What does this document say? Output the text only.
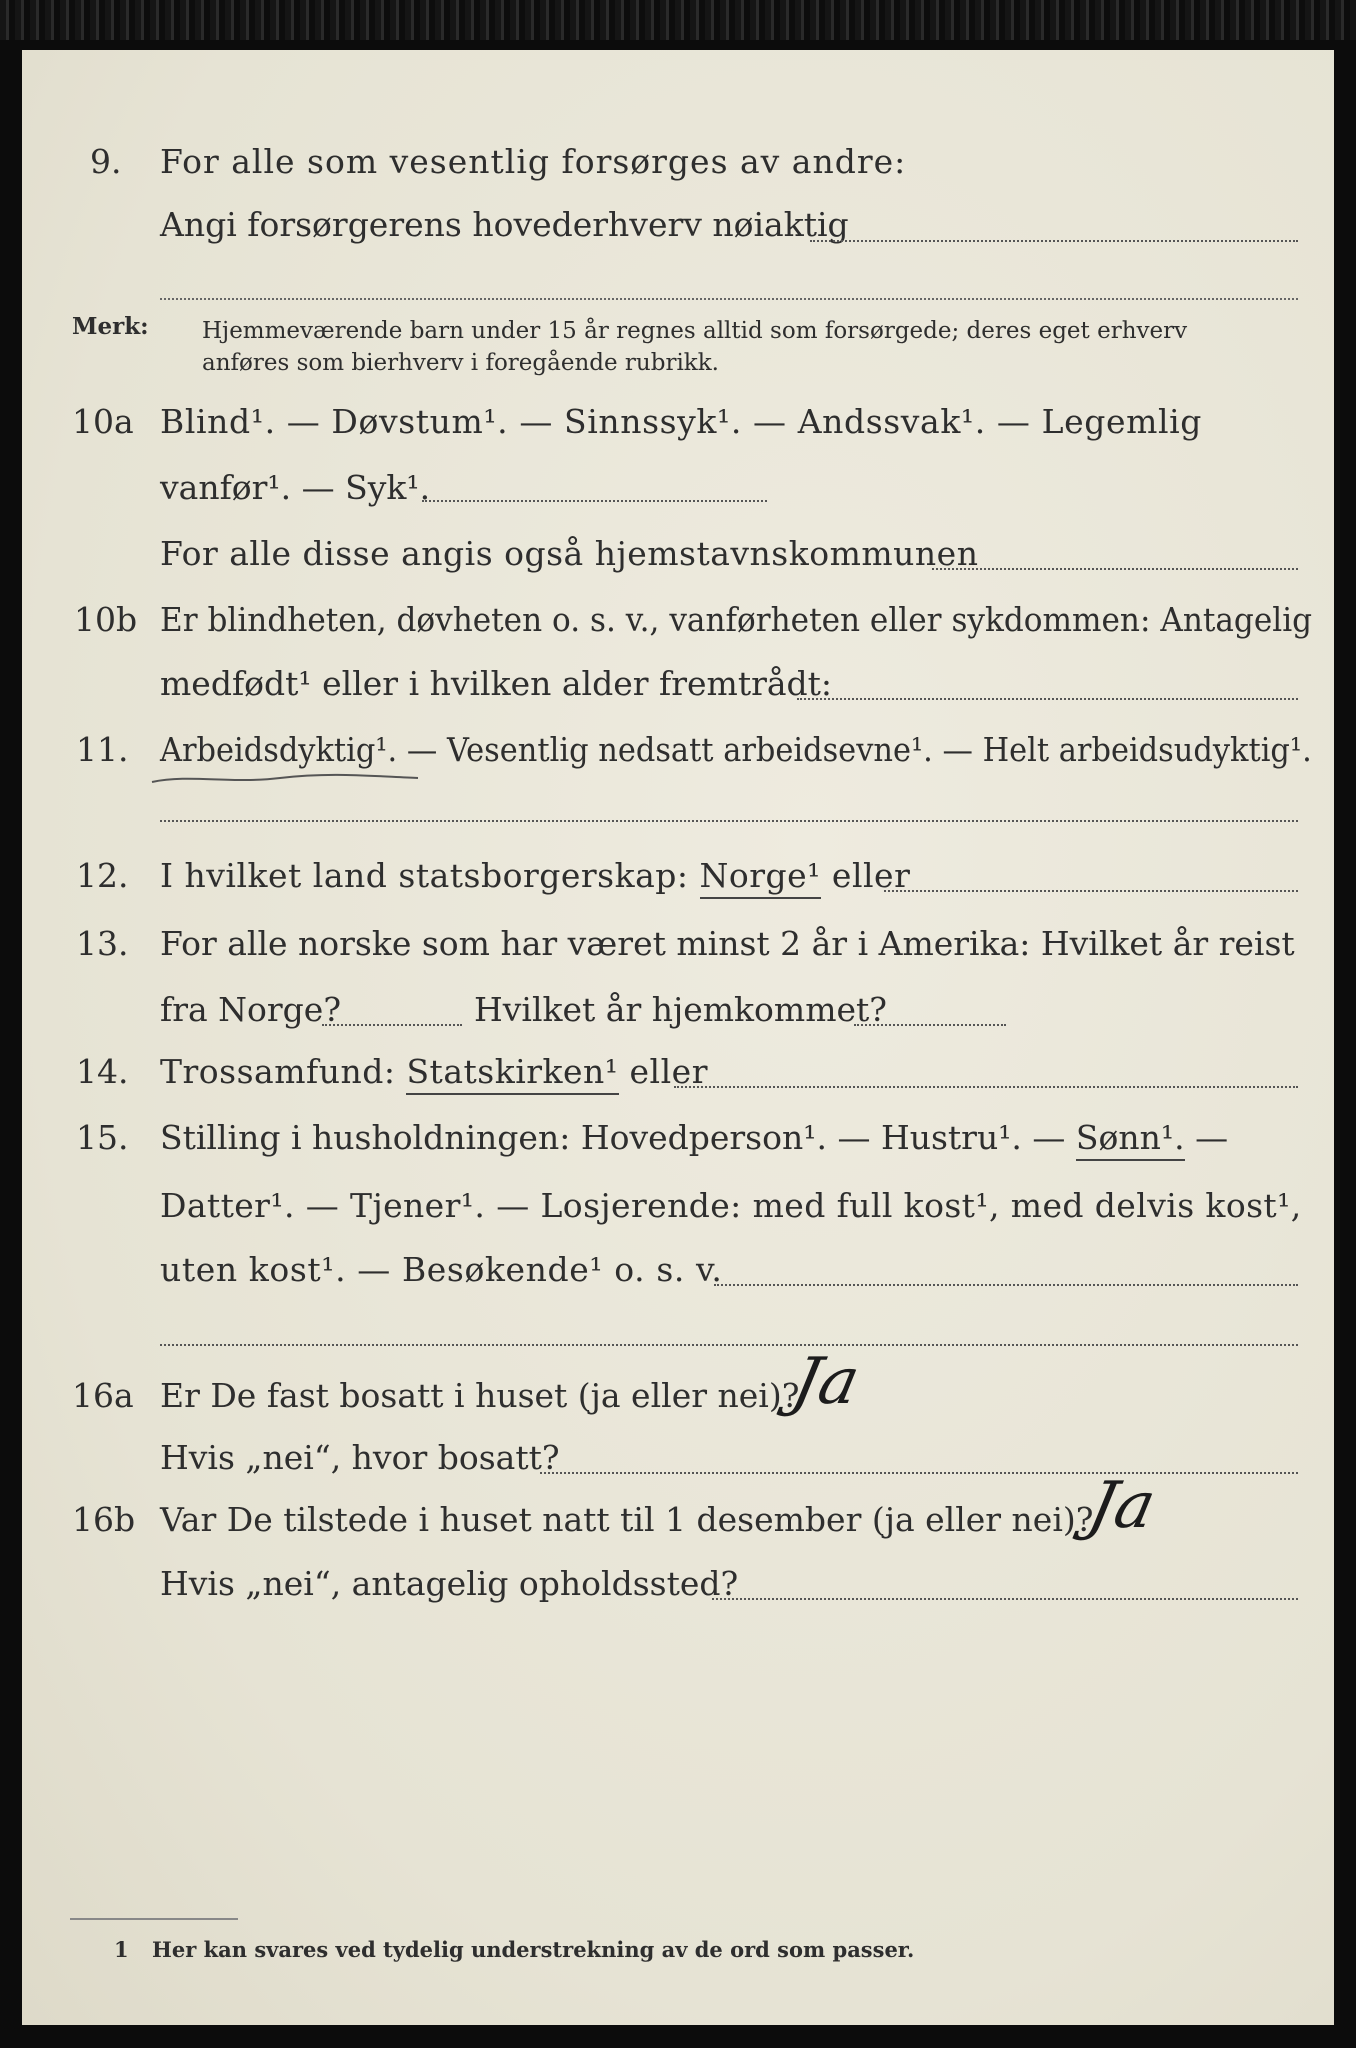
9. For alle som vesentlig forsørges av andre:
Angi forsørgerens hovederhverv nøiaktig
Merk: Hjemmeværende barn under 15 år regnes alltid som forsørgede; deres eget erhverv
anføres som bierhverv i foregående rubrikk.
10a Blind¹. — Døvstum¹. — Sinnssyk¹. — Andssvak¹. — Legemlig
vanfør¹. — Syk¹.
For alle disse angis også hjemstavnskommunen
10b Er blindheten, døvheten o. s. v., vanførheten eller sykdommen: Antagelig
medfødt¹ eller i hvilken alder fremtrådt:
11. Arbeidsdyktig¹. — Vesentlig nedsatt arbeidsevne¹. — Helt arbeidsudyktig¹.
12. I hvilket land statsborgerskap: Norge¹ eller
13. For alle norske som har været minst 2 år i Amerika: Hvilket år reist
fra Norge?	Hvilket år hjemkommet?
14. Trossamfund: Statskirken¹ eller
15. Stilling i husholdningen: Hovedperson¹. — Hustru¹. — Sønn¹. —
Datter¹. — Tjener¹. — Losjerende: med full kost¹, med delvis kost¹,
uten kost¹. — Besøkende¹ o. s. v.
16a Er De fast bosatt i huset (ja eller nei)?
Ja
Hvis „nei“, hvor bosatt?
16b Var De tilstede i huset natt til 1 desember (ja eller nei)?
Ja
Hvis „nei“, antagelig opholdssted?
1 Her kan svares ved tydelig understrekning av de ord som passer.
